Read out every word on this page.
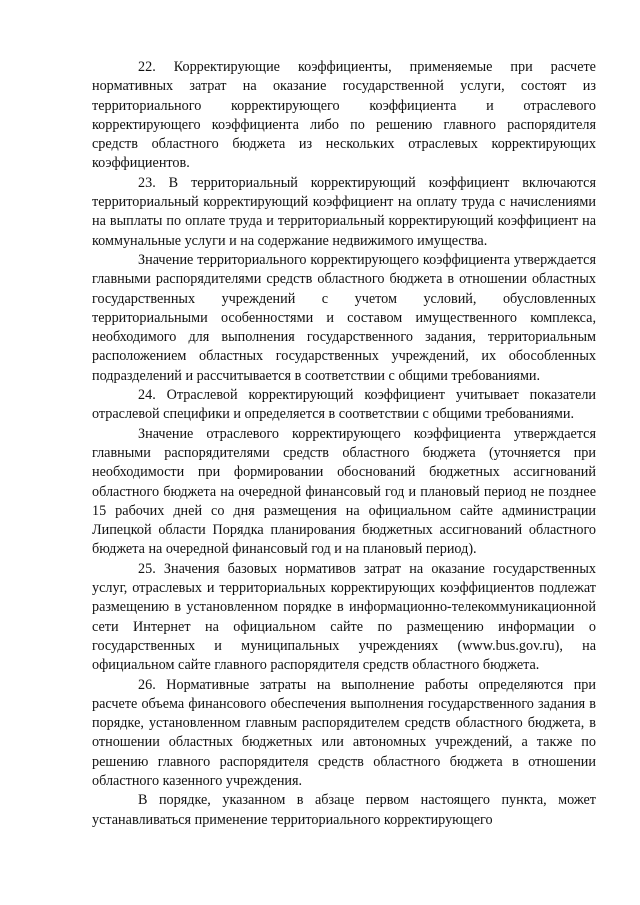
22. Корректирующие коэффициенты, применяемые при расчете нормативных затрат на оказание государственной услуги, состоят из территориального корректирующего коэффициента и отраслевого корректирующего коэффициента либо по решению главного распорядителя средств областного бюджета из нескольких отраслевых корректирующих коэффициентов.

23. В территориальный корректирующий коэффициент включаются территориальный корректирующий коэффициент на оплату труда с начислениями на выплаты по оплате труда и территориальный корректирующий коэффициент на коммунальные услуги и на содержание недвижимого имущества.

Значение территориального корректирующего коэффициента утверждается главными распорядителями средств областного бюджета в отношении областных государственных учреждений с учетом условий, обусловленных территориальными особенностями и составом имущественного комплекса, необходимого для выполнения государственного задания, территориальным расположением областных государственных учреждений, их обособленных подразделений и рассчитывается в соответствии с общими требованиями.

24. Отраслевой корректирующий коэффициент учитывает показатели отраслевой специфики и определяется в соответствии с общими требованиями.

Значение отраслевого корректирующего коэффициента утверждается главными распорядителями средств областного бюджета (уточняется при необходимости при формировании обоснований бюджетных ассигнований областного бюджета на очередной финансовый год и плановый период не позднее 15 рабочих дней со дня размещения на официальном сайте администрации Липецкой области Порядка планирования бюджетных ассигнований областного бюджета на очередной финансовый год и на плановый период).

25. Значения базовых нормативов затрат на оказание государственных услуг, отраслевых и территориальных корректирующих коэффициентов подлежат размещению в установленном порядке в информационно-телекоммуникационной сети Интернет на официальном сайте по размещению информации о государственных и муниципальных учреждениях (www.bus.gov.ru), на официальном сайте главного распорядителя средств областного бюджета.

26. Нормативные затраты на выполнение работы определяются при расчете объема финансового обеспечения выполнения государственного задания в порядке, установленном главным распорядителем средств областного бюджета, в отношении областных бюджетных или автономных учреждений, а также по решению главного распорядителя средств областного бюджета в отношении областного казенного учреждения.

В порядке, указанном в абзаце первом настоящего пункта, может устанавливаться применение территориального корректирующего
